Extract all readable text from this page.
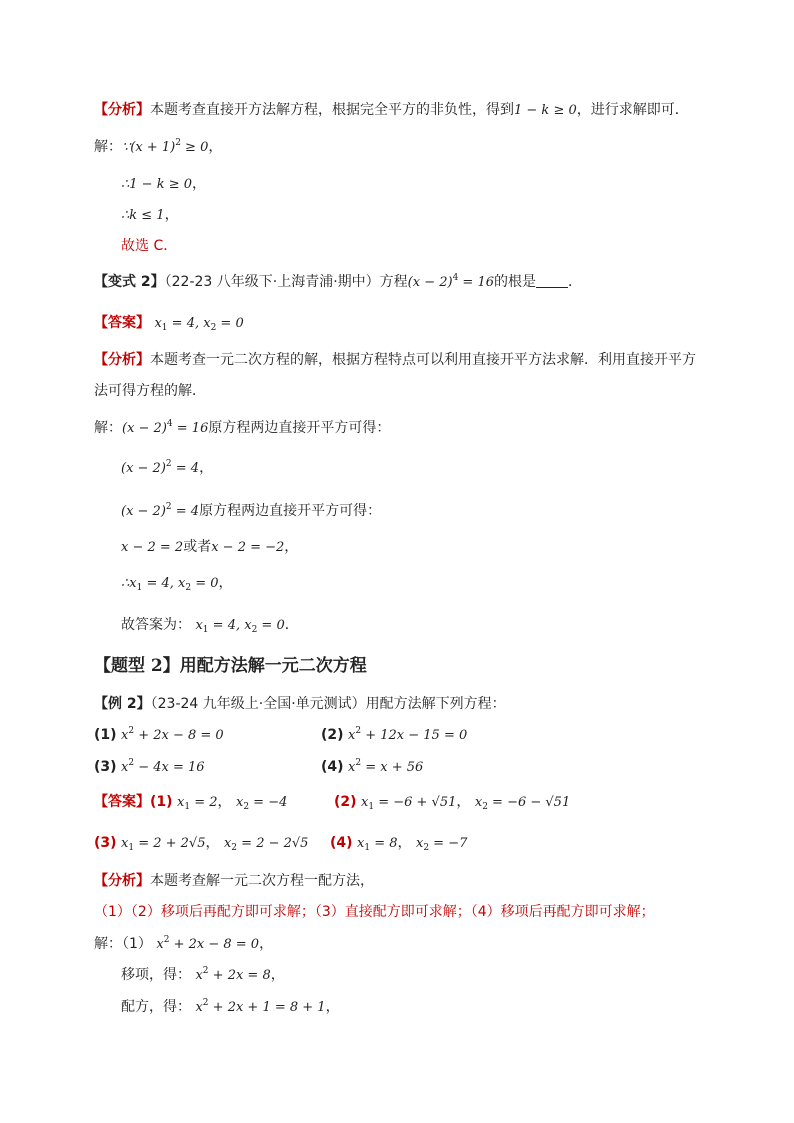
【分析】本题考查直接开方法解方程，根据完全平方的非负性，得到1 − k ≥ 0，进行求解即可．
解：∵(x + 1)$^2$ ≥ 0，
∴1 − k ≥ 0，
∴k ≤ 1，
故选 C．
【变式 2】（22-23 八年级下·上海青浦·期中）方程$(x - 2)^4 = 16$的根是 ．
【答案】 $x_1 = 4$, $x_2 = 0$
【分析】本题考查一元二次方程的解，根据方程特点可以利用直接开平方法求解．利用直接开平方
法可得方程的解．
解：$(x - 2)^4 = 16$原方程两边直接开平方可得：
$(x - 2)^2 = 4$，
$(x - 2)^2 = 4$原方程两边直接开平方可得：
x − 2 = 2或者x − 2 = −2，
$\therefore x_1 = 4$, $x_2 = 0$，
故答案为： $x_1 = 4$, $x_2 = 0$．
【题型 2】用配方法解一元二次方程
【例 2】（23-24 九年级上·全国·单元测试）用配方法解下列方程：
(1) $x^2 + 2x - 8 = 0$	(2) $x^2 + 12x - 15 = 0$
(3) $x^2 - 4x = 16$	(4) $x^2 = x + 56$
【答案】(1) $x_1 = 2$， $x_2 = -4$	(2) $x_1 = -6 + √51$， $x_2 = -6 - √51$
(3) $x_1 = 2 + 2√5$， $x_2 = 2 - 2√5$ (4) $x_1 = 8$， $x_2 = -7$
【分析】本题考查解一元二次方程一配方法，
（1）（2）移项后再配方即可求解；（3）直接配方即可求解；（4）移项后再配方即可求解；
解：（1） $x^2 + 2x - 8 = 0$，
移项，得： $x^2 + 2x = 8$，
配方，得： $x^2 + 2x + 1 = 8 + 1$，
